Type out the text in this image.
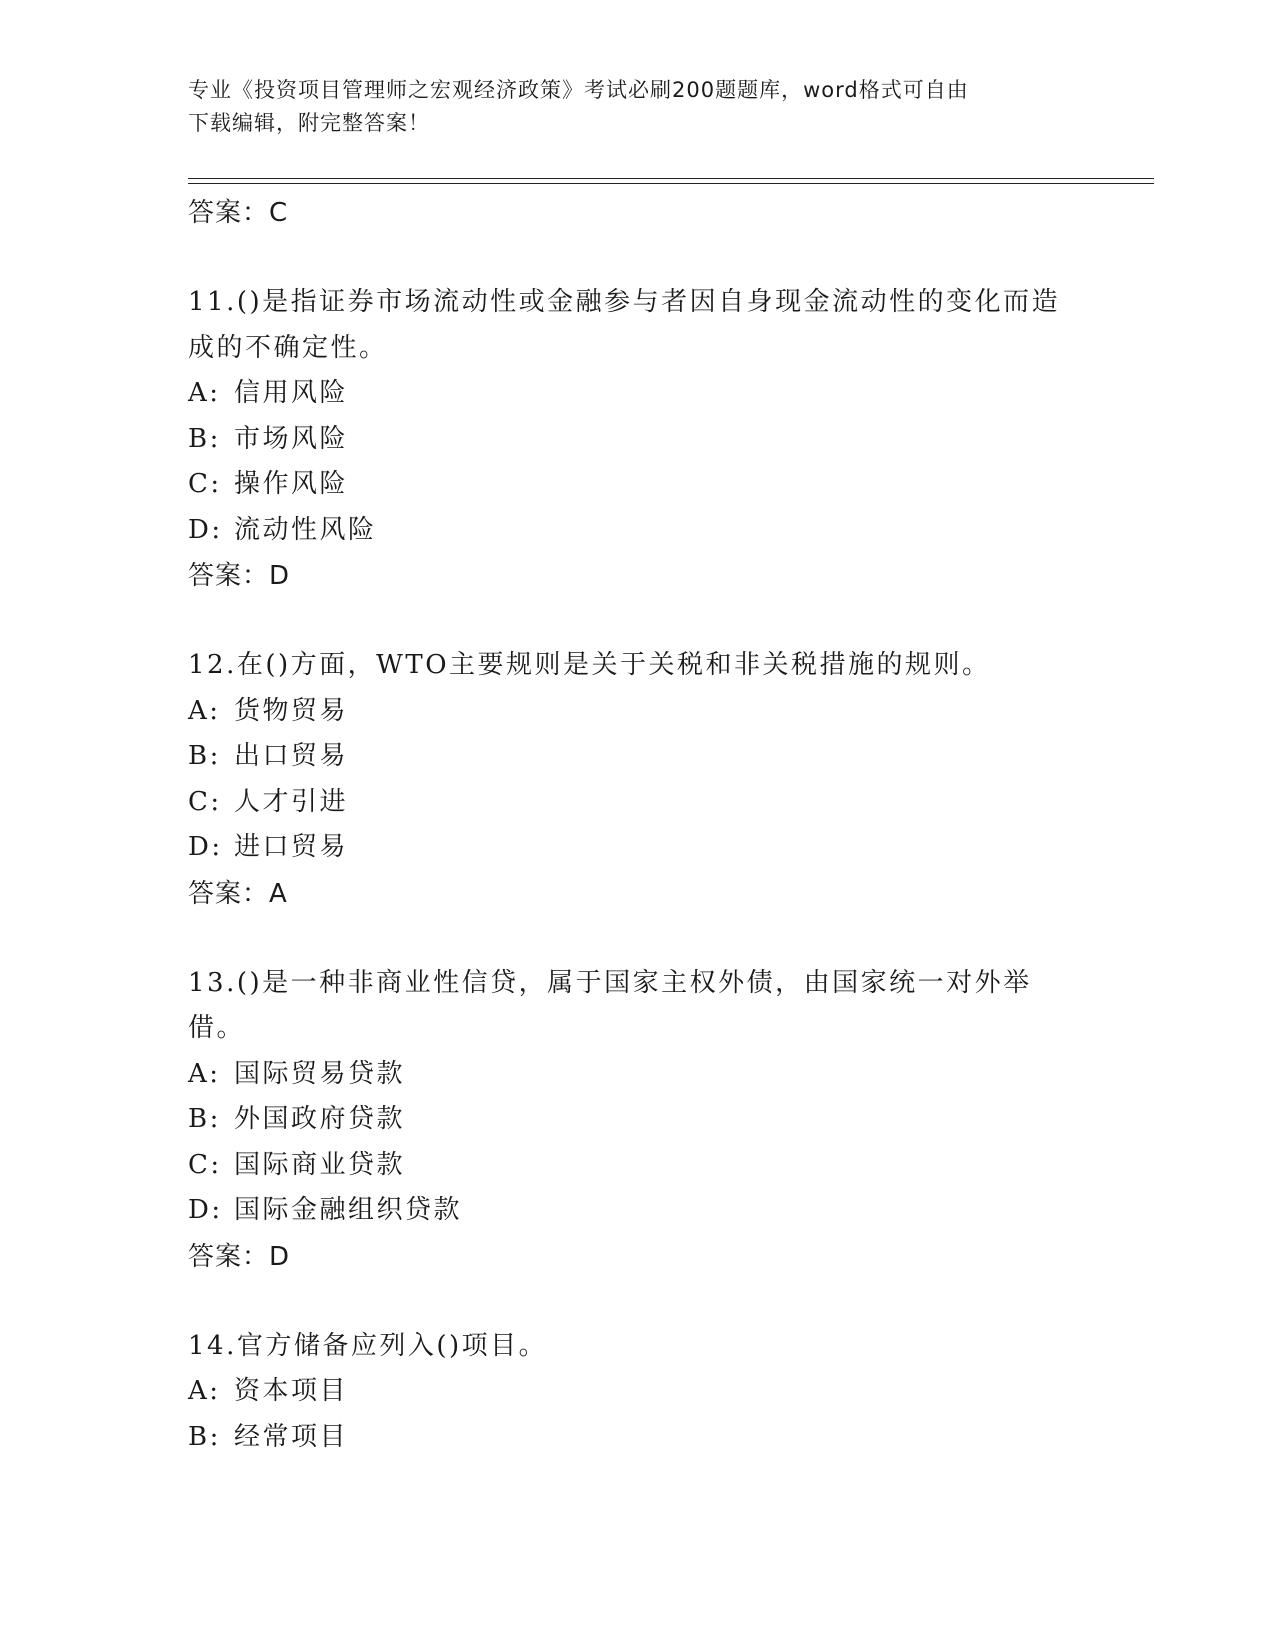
专业《投资项目管理师之宏观经济政策》考试必刷200题题库，word格式可自由
下载编辑，附完整答案！
答案：C
11.()是指证券市场流动性或金融参与者因自身现金流动性的变化而造成的不确定性。
A: 信用风险
B: 市场风险
C: 操作风险
D: 流动性风险
答案：D
12.在()方面，WTO主要规则是关于关税和非关税措施的规则。
A: 货物贸易
B: 出口贸易
C: 人才引进
D: 进口贸易
答案：A
13.()是一种非商业性信贷，属于国家主权外债，由国家统一对外举借。
A: 国际贸易贷款
B: 外国政府贷款
C: 国际商业贷款
D: 国际金融组织贷款
答案：D
14.官方储备应列入()项目。
A: 资本项目
B: 经常项目
